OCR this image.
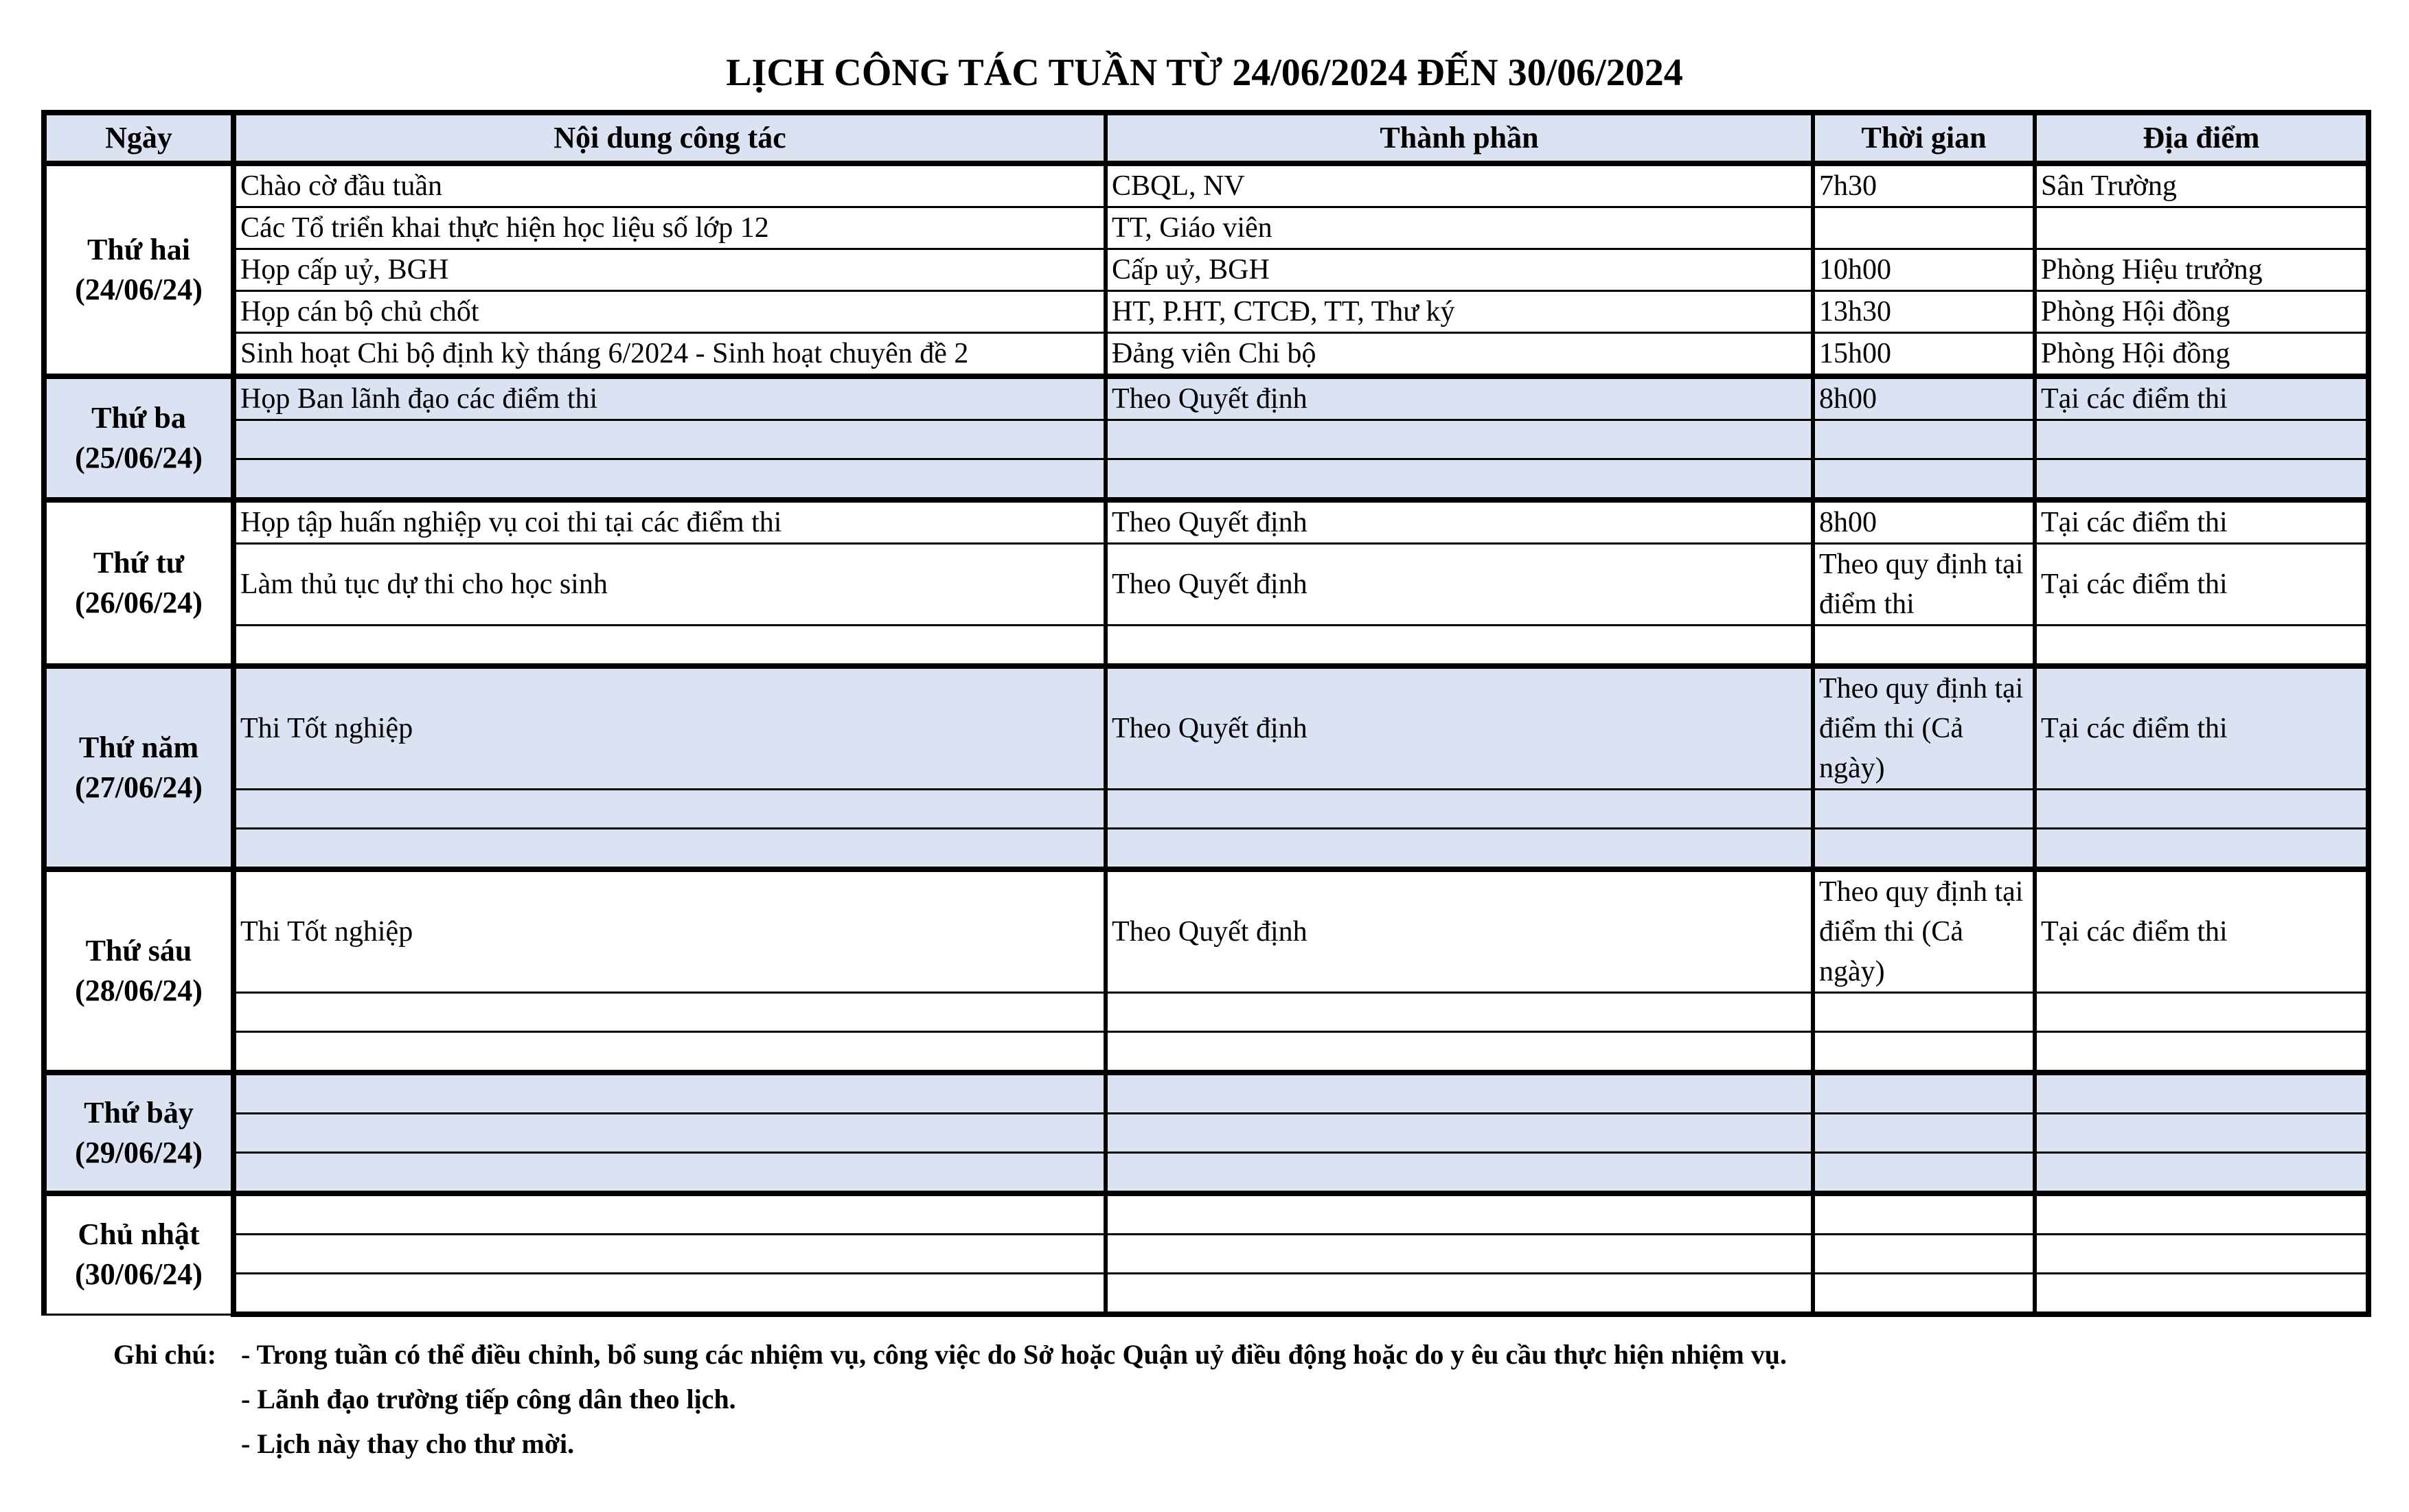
LỊCH CÔNG TÁC TUẦN TỪ 24/06/2024 ĐẾN 30/06/2024
Ngày	Nội dung công tác	Thành phần	Thời gian	Địa điểm

Thứ hai
(24/06/24)	Chào cờ đầu tuần	CBQL, NV	7h30	Sân Trường
	Các Tổ triển khai thực hiện học liệu số lớp 12	TT, Giáo viên		
	Họp cấp uỷ, BGH	Cấp uỷ, BGH	10h00	Phòng Hiệu trưởng
	Họp cán bộ chủ chốt	HT, P.HT, CTCĐ, TT, Thư ký	13h30	Phòng Hội đồng
	Sinh hoạt Chi bộ định kỳ tháng 6/2024 - Sinh hoạt chuyên đề 2	Đảng viên Chi bộ	15h00	Phòng Hội đồng

Thứ ba
(25/06/24)	Họp Ban lãnh đạo các điểm thi	Theo Quyết định	8h00	Tại các điểm thi

Thứ tư
(26/06/24)	Họp tập huấn nghiệp vụ coi thi tại các điểm thi	Theo Quyết định	8h00	Tại các điểm thi
	Làm thủ tục dự thi cho học sinh	Theo Quyết định	Theo quy định tại điểm thi	Tại các điểm thi

Thứ năm
(27/06/24)	Thi Tốt nghiệp	Theo Quyết định	Theo quy định tại điểm thi (Cả ngày)	Tại các điểm thi

Thứ sáu
(28/06/24)	Thi Tốt nghiệp	Theo Quyết định	Theo quy định tại điểm thi (Cả ngày)	Tại các điểm thi

Thứ bảy
(29/06/24)				

Chủ nhật
(30/06/24)				

Ghi chú: - Trong tuần có thể điều chỉnh, bổ sung các nhiệm vụ, công việc do Sở hoặc Quận uỷ điều động hoặc do y êu cầu thực hiện nhiệm vụ.
- Lãnh đạo trường tiếp công dân theo lịch.
- Lịch này thay cho thư mời.
